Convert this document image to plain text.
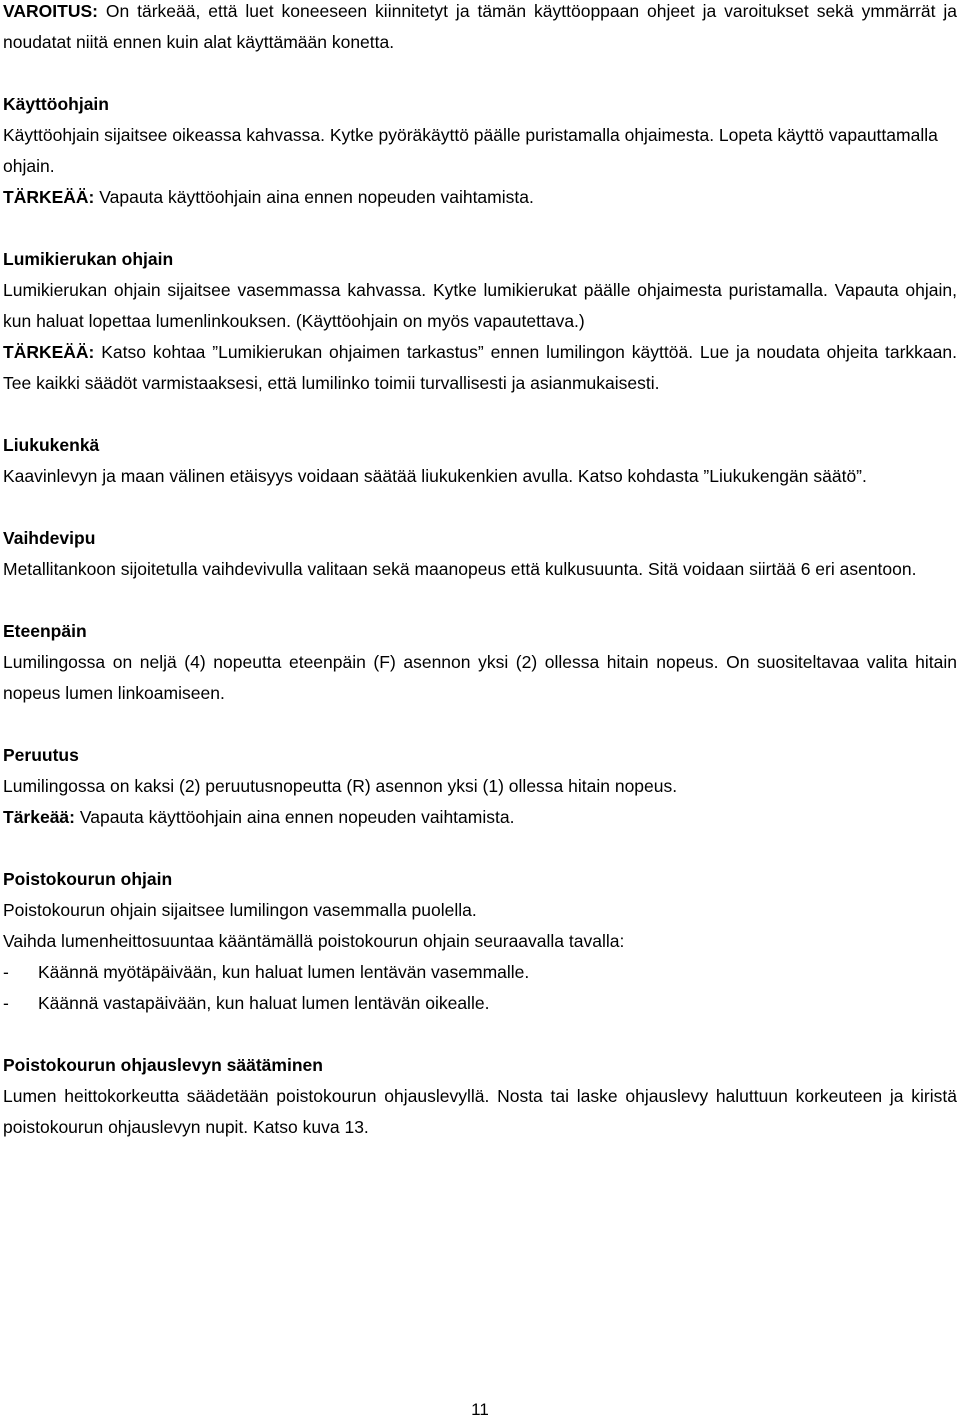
VAROITUS: On tärkeää, että luet koneeseen kiinnitetyt ja tämän käyttöoppaan ohjeet ja varoitukset sekä ymmärrät ja noudatat niitä ennen kuin alat käyttämään konetta.

Käyttöohjain

Käyttöohjain sijaitsee oikeassa kahvassa. Kytke pyöräkäyttö päälle puristamalla ohjaimesta. Lopeta käyttö vapauttamalla ohjain.

TÄRKEÄÄ: Vapauta käyttöohjain aina ennen nopeuden vaihtamista.

Lumikierukan ohjain

Lumikierukan ohjain sijaitsee vasemmassa kahvassa. Kytke lumikierukat päälle ohjaimesta puristamalla. Vapauta ohjain, kun haluat lopettaa lumenlinkouksen. (Käyttöohjain on myös vapautettava.)

TÄRKEÄÄ: Katso kohtaa ”Lumikierukan ohjaimen tarkastus” ennen lumilingon käyttöä. Lue ja noudata ohjeita tarkkaan. Tee kaikki säädöt varmistaaksesi, että lumilinko toimii turvallisesti ja asianmukaisesti.

Liukukenkä

Kaavinlevyn ja maan välinen etäisyys voidaan säätää liukukenkien avulla. Katso kohdasta ”Liukukengän säätö”.

Vaihdevipu

Metallitankoon sijoitetulla vaihdevivulla valitaan sekä maanopeus että kulkusuunta. Sitä voidaan siirtää 6 eri asentoon.

Eteenpäin

Lumilingossa on neljä (4) nopeutta eteenpäin (F) asennon yksi (2) ollessa hitain nopeus. On suositeltavaa valita hitain nopeus lumen linkoamiseen.

Peruutus

Lumilingossa on kaksi (2) peruutusnopeutta (R) asennon yksi (1) ollessa hitain nopeus.

Tärkeää: Vapauta käyttöohjain aina ennen nopeuden vaihtamista.

Poistokourun ohjain

Poistokourun ohjain sijaitsee lumilingon vasemmalla puolella.

Vaihda lumenheittosuuntaa kääntämällä poistokourun ohjain seuraavalla tavalla:

-	Käännä myötäpäivään, kun haluat lumen lentävän vasemmalle.
-	Käännä vastapäivään, kun haluat lumen lentävän oikealle.

Poistokourun ohjauslevyn säätäminen

Lumen heittokorkeutta säädetään poistokourun ohjauslevyllä. Nosta tai laske ohjauslevy haluttuun korkeuteen ja kiristä poistokourun ohjauslevyn nupit. Katso kuva 13.

11
